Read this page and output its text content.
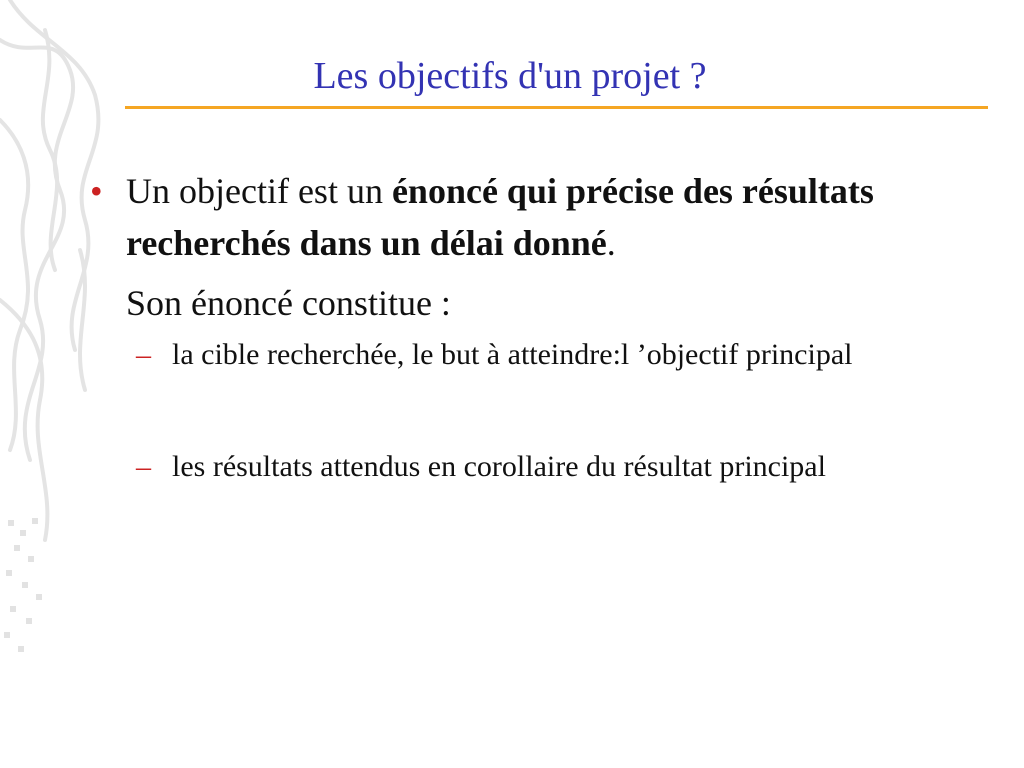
Les objectifs d'un projet ?
• Un objectif est un énoncé qui précise des résultats recherchés dans un délai donné.
Son énoncé constitue :
– la cible recherchée, le but à atteindre:l ’objectif principal
– les résultats attendus en corollaire du résultat principal
